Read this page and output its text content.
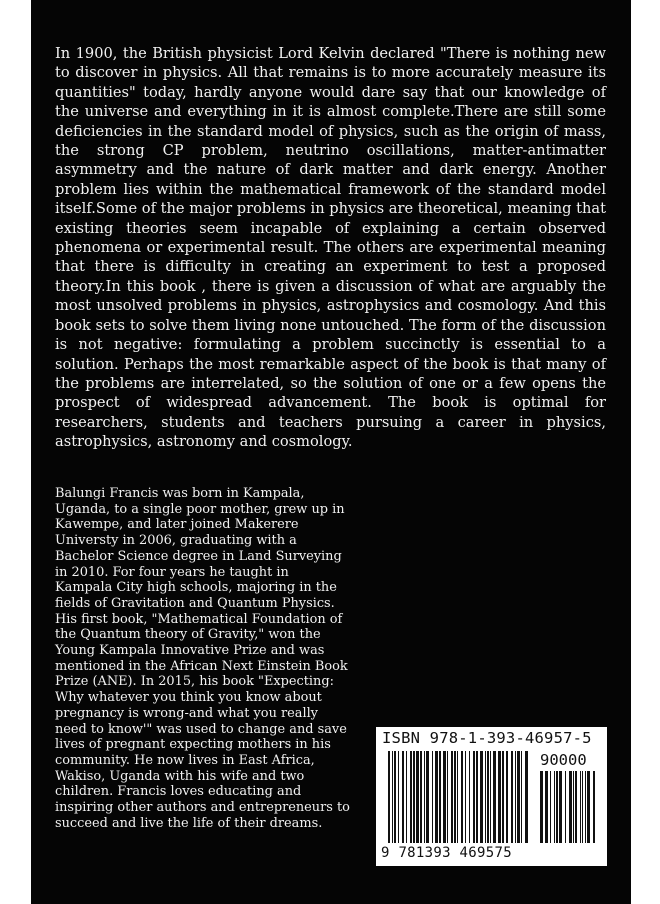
In 1900, the British physicist Lord Kelvin declared "There is nothing new to discover in physics. All that remains is to more accurately measure its quantities" today, hardly anyone would dare say that our knowledge of the universe and everything in it is almost complete.There are still some deficiencies in the standard model of physics, such as the origin of mass, the strong CP problem, neutrino oscillations, matter-antimatter asymmetry and the nature of dark matter and dark energy. Another problem lies within the mathematical framework of the standard model itself.Some of the major problems in physics are theoretical, meaning that existing theories seem incapable of explaining a certain observed phenomena or experimental result. The others are experimental meaning that there is difficulty in creating an experiment to test a proposed theory.In this book , there is given a discussion of what are arguably the most unsolved problems in physics, astrophysics and cosmology. And this book sets to solve them living none untouched. The form of the discussion is not negative: formulating a problem succinctly is essential to a solution. Perhaps the most remarkable aspect of the book is that many of the problems are interrelated, so the solution of one or a few opens the prospect of widespread advancement. The book is optimal for researchers, students and teachers pursuing a career in physics, astrophysics, astronomy and cosmology.

Balungi Francis was born in Kampala, Uganda, to a single poor mother, grew up in Kawempe, and later joined Makerere Universty in 2006, graduating with a Bachelor Science degree in Land Surveying in 2010. For four years he taught in Kampala City high schools, majoring in the fields of Gravitation and Quantum Physics. His first book, "Mathematical Foundation of the Quantum theory of Gravity," won the Young Kampala Innovative Prize and was mentioned in the African Next Einstein Book Prize (ANE). In 2015, his book "Expecting: Why whatever you think you know about pregnancy is wrong-and what you really need to know'" was used to change and save lives of pregnant expecting mothers in his community. He now lives in East Africa, Wakiso, Uganda with his wife and two children. Francis loves educating and inspiring other authors and entrepreneurs to succeed and live the life of their dreams.

ISBN 978-1-393-46957-5
90000
9 781393 469575
